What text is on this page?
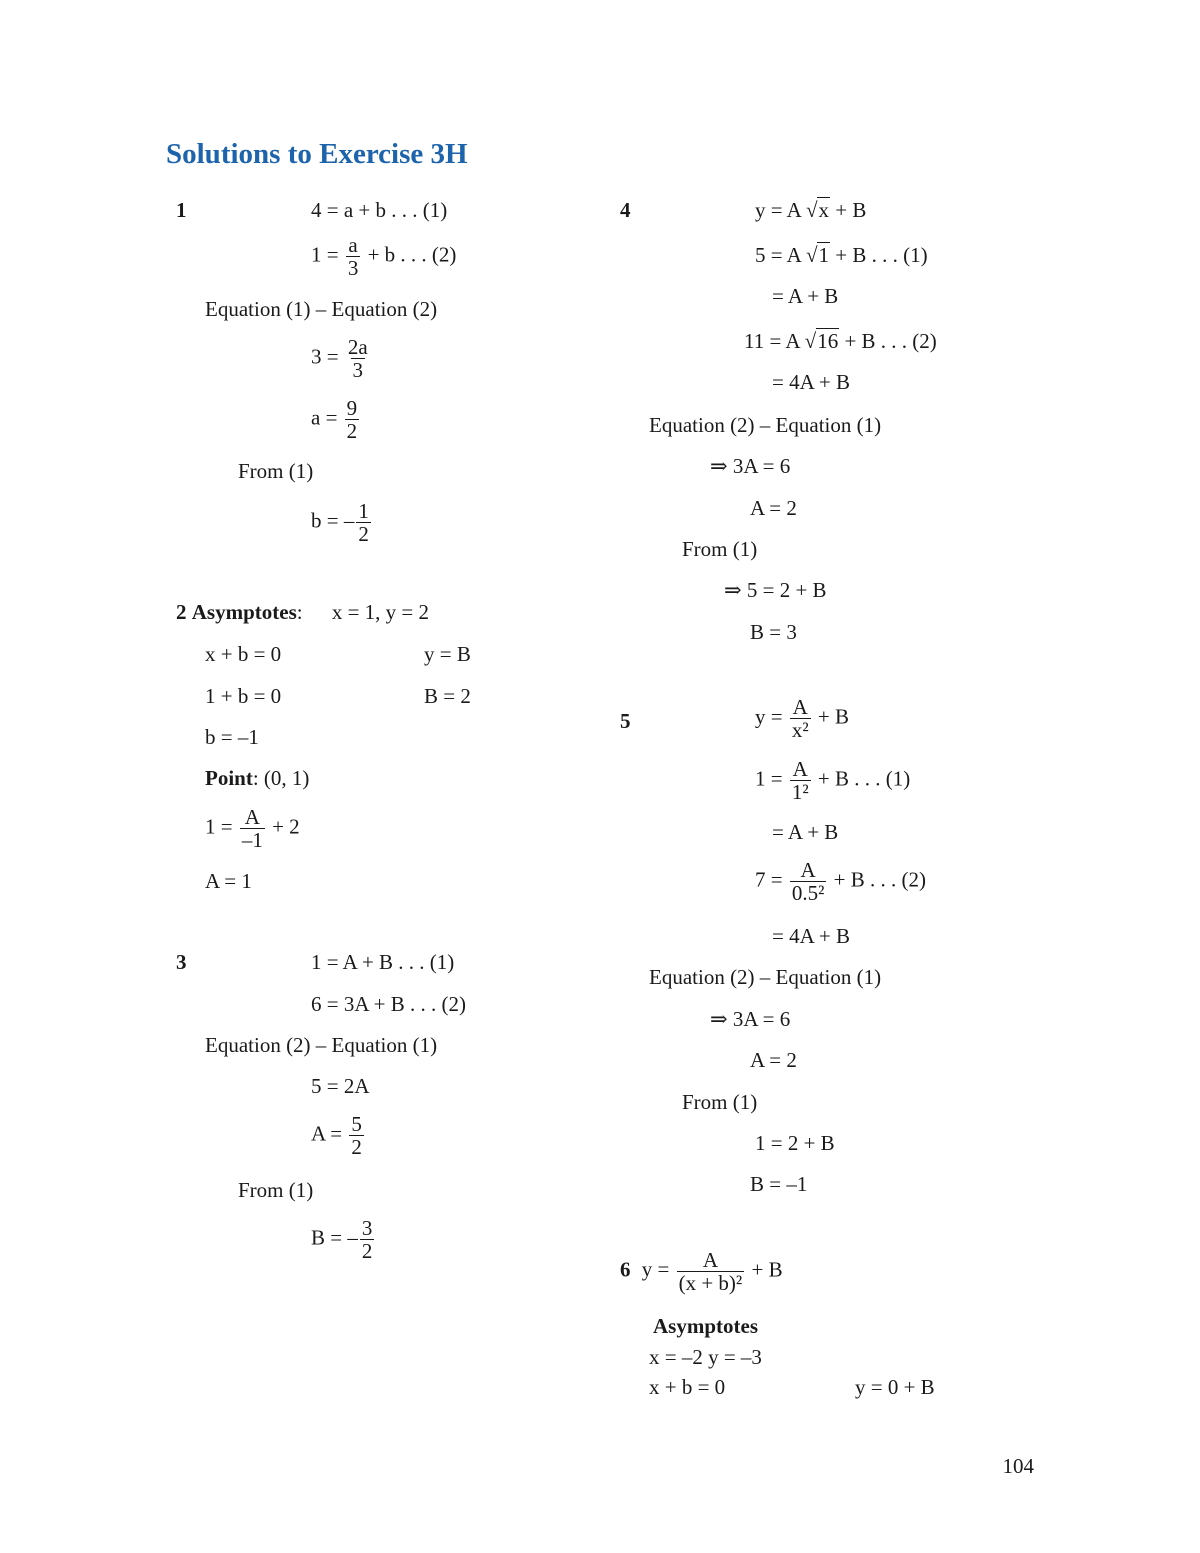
Solutions to Exercise 3H
1	4 = a + b . . . (1)
$1 = \frac{a}{3} + b$ . . . (2)
Equation (1) – Equation (2)
$3 = \frac{2a}{3}$
$a = \frac{9}{2}$
From (1)
b = – $\frac{1}{2}$
2 Asymptotes: x = 1, y = 2
x + b = 0	y = B
1 + b = 0	B = 2
b = –1
Point: (0, 1)
$1 = \frac{A}{-1} + 2$
A = 1
3	1 = A + B . . . (1)
6 = 3A + B . . . (2)
Equation (2) – Equation (1)
5 = 2A
$A = \frac{5}{2}$
From (1)
B = – $\frac{3}{2}$
4	y = A √x + B
5 = A √1 + B . . . (1)
= A + B
11 = A √16 + B . . . (2)
= 4A + B
Equation (2) – Equation (1)
⇒ 3A = 6
A = 2
From (1)
⇒ 5 = 2 + B
B = 3
5	$y = \frac{A}{\text{x²}} + B$
$1 = \frac{A}{\text{1²}} + B$ . . . (1)
= A + B
$7 = \frac{A}{\text{0.5²}} + B$ . . . (2)
= 4A + B
Equation (2) – Equation (1)
⇒ 3A = 6
A = 2
From (1)
1 = 2 + B
B = –1
6 $y = \frac{A}{\text{(x + b)²}} + B$
Asymptotes
x = –2 y = –3
x + b = 0	y = 0 + B
104
